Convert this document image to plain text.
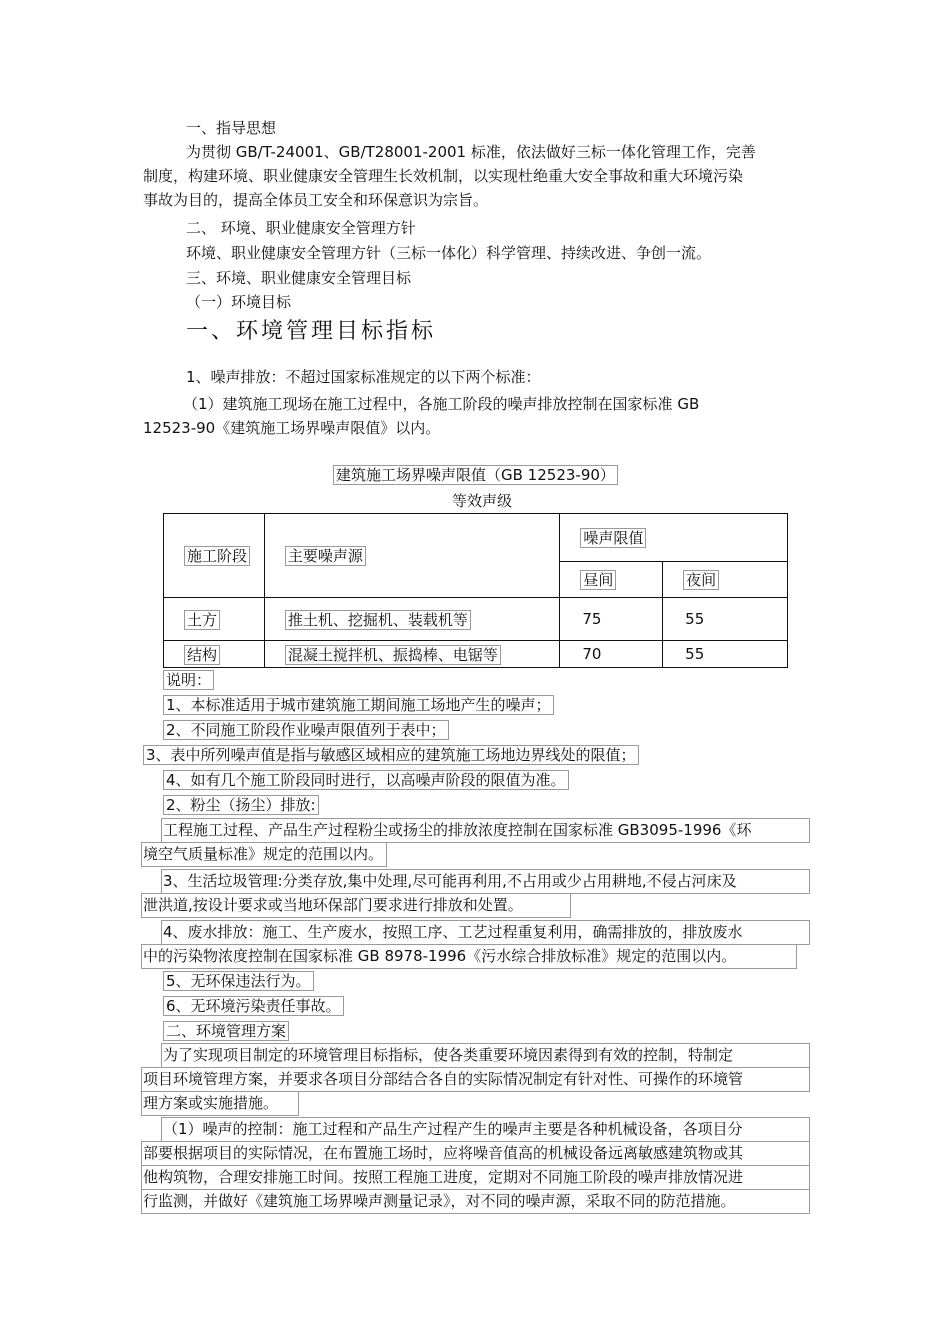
一、指导思想
为贯彻 GB/T-24001、GB/T28001-2001 标准，依法做好三标一体化管理工作，完善
制度，构建环境、职业健康安全管理生长效机制，以实现杜绝重大安全事故和重大环境污染
事故为目的，提高全体员工安全和环保意识为宗旨。
二、 环境、职业健康安全管理方针
环境、职业健康安全管理方针（三标一体化）科学管理、持续改进、争创一流。
三、环境、职业健康安全管理目标
（一）环境目标
一、环境管理目标指标
1、噪声排放：不超过国家标准规定的以下两个标准：
（1）建筑施工现场在施工过程中，各施工阶段的噪声排放控制在国家标准 GB
12523-90《建筑施工场界噪声限值》以内。
建筑施工场界噪声限值（GB 12523-90）
等效声级
施工阶段	主要噪声源	噪声限值	
		昼间	夜间
土方	推土机、挖掘机、装载机等	75	55
结构	混凝土搅拌机、振捣棒、电锯等	70	55
说明：
1、本标准适用于城市建筑施工期间施工场地产生的噪声；
2、不同施工阶段作业噪声限值列于表中；
3、表中所列噪声值是指与敏感区域相应的建筑施工场地边界线处的限值；
4、如有几个施工阶段同时进行，以高噪声阶段的限值为准。
2、粉尘（扬尘）排放:
工程施工过程、产品生产过程粉尘或扬尘的排放浓度控制在国家标准 GB3095-1996《环
境空气质量标准》规定的范围以内。
3、生活垃圾管理:分类存放,集中处理,尽可能再利用,不占用或少占用耕地,不侵占河床及
泄洪道,按设计要求或当地环保部门要求进行排放和处置。
4、废水排放：施工、生产废水，按照工序、工艺过程重复利用，确需排放的，排放废水
中的污染物浓度控制在国家标准 GB 8978-1996《污水综合排放标准》规定的范围以内。
5、无环保违法行为。
6、无环境污染责任事故。
二、环境管理方案
为了实现项目制定的环境管理目标指标，使各类重要环境因素得到有效的控制，特制定
项目环境管理方案，并要求各项目分部结合各自的实际情况制定有针对性、可操作的环境管
理方案或实施措施。
（1）噪声的控制：施工过程和产品生产过程产生的噪声主要是各种机械设备，各项目分
部要根据项目的实际情况，在布置施工场时，应将噪音值高的机械设备远离敏感建筑物或其
他构筑物，合理安排施工时间。按照工程施工进度，定期对不同施工阶段的噪声排放情况进
行监测，并做好《建筑施工场界噪声测量记录》，对不同的噪声源，采取不同的防范措施。
